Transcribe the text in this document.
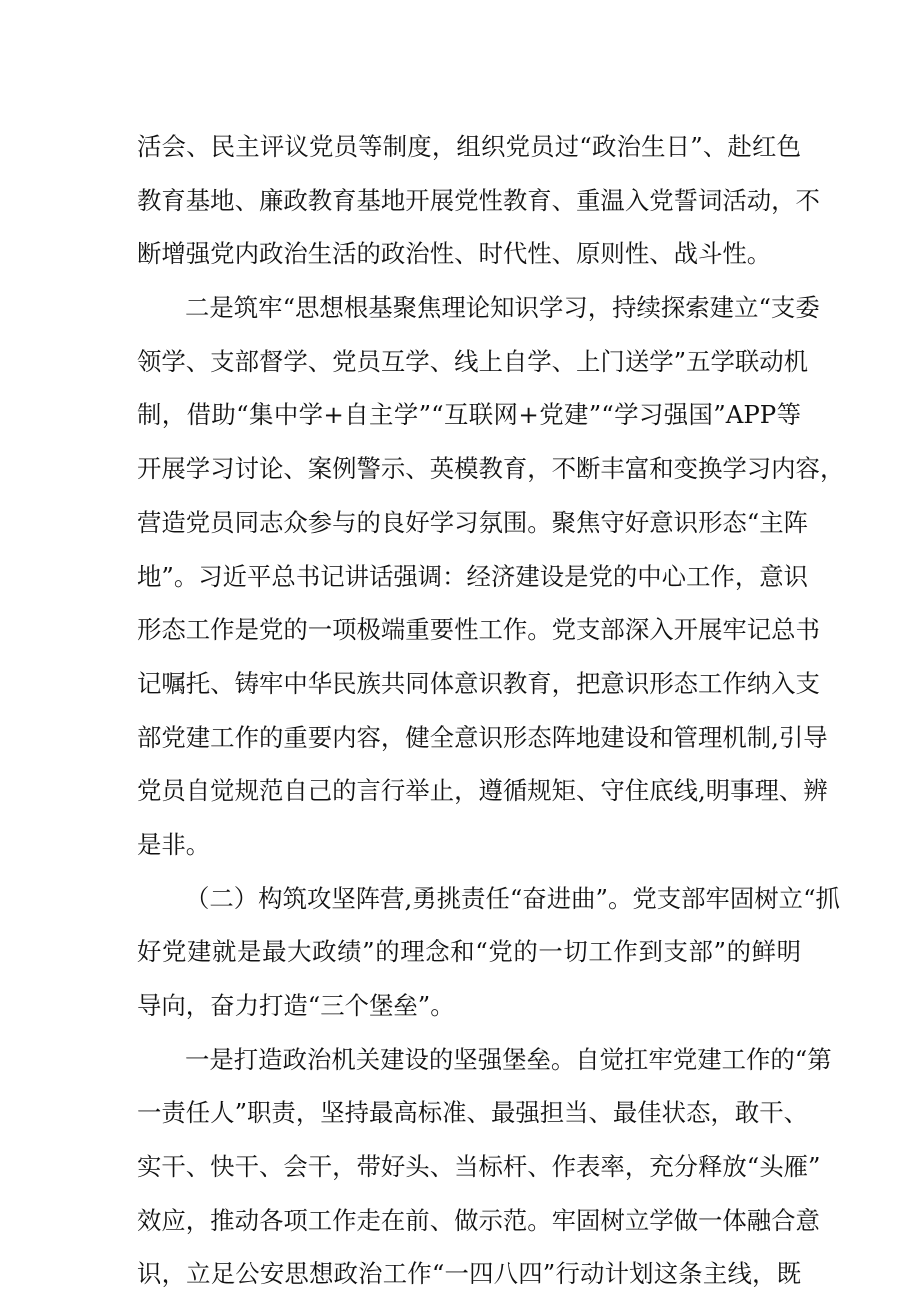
活会、民主评议党员等制度，组织党员过“政治生日”、赴红色
教育基地、廉政教育基地开展党性教育、重温入党誓词活动，不
断增强党内政治生活的政治性、时代性、原则性、战斗性。
二是筑牢“思想根基聚焦理论知识学习，持续探索建立“支委
领学、支部督学、党员互学、线上自学、上门送学”五学联动机
制，借助“集中学+自主学”“互联网+党建”“学习强国”APP等
开展学习讨论、案例警示、英模教育，不断丰富和变换学习内容，
营造党员同志众参与的良好学习氛围。聚焦守好意识形态“主阵
地”。习近平总书记讲话强调：经济建设是党的中心工作，意识
形态工作是党的一项极端重要性工作。党支部深入开展牢记总书
记嘱托、铸牢中华民族共同体意识教育，把意识形态工作纳入支
部党建工作的重要内容，健全意识形态阵地建设和管理机制,引导
党员自觉规范自己的言行举止，遵循规矩、守住底线,明事理、辨
是非。
（二）构筑攻坚阵营,勇挑责任“奋进曲”。党支部牢固树立“抓
好党建就是最大政绩”的理念和“党的一切工作到支部”的鲜明
导向，奋力打造“三个堡垒”。
一是打造政治机关建设的坚强堡垒。自觉扛牢党建工作的“第
一责任人”职责，坚持最高标准、最强担当、最佳状态，敢干、
实干、快干、会干，带好头、当标杆、作表率，充分释放“头雁”
效应，推动各项工作走在前、做示范。牢固树立学做一体融合意
识，立足公安思想政治工作“一四八四”行动计划这条主线，既
